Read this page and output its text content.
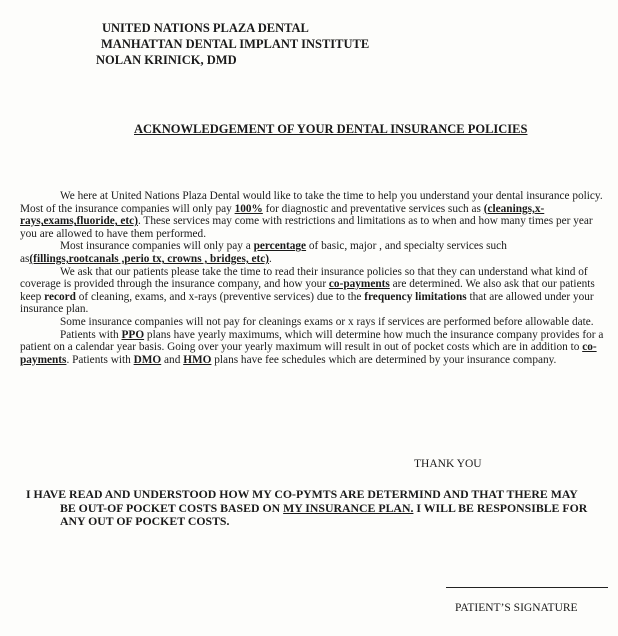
UNITED NATIONS PLAZA DENTAL
MANHATTAN DENTAL IMPLANT INSTITUTE
NOLAN KRINICK, DMD
ACKNOWLEDGEMENT OF YOUR DENTAL INSURANCE POLICIES

We here at United Nations Plaza Dental would like to take the time to help you understand your dental insurance policy. Most of the insurance companies will only pay 100% for diagnostic and preventative services such as (cleanings,x-rays,exams,fluoride, etc). These services may come with restrictions and limitations as to when and how many times per year you are allowed to have them performed.

Most insurance companies will only pay a percentage of basic, major , and specialty services such as(fillings,rootcanals ,perio tx, crowns , bridges, etc).

We ask that our patients please take the time to read their insurance policies so that they can understand what kind of coverage is provided through the insurance company, and how your co-payments are determined. We also ask that our patients keep record of cleaning, exams, and x-rays (preventive services) due to the frequency limitations that are allowed under your insurance plan.

Some insurance companies will not pay for cleanings exams or x rays if services are performed before allowable date.

Patients with PPO plans have yearly maximums, which will determine how much the insurance company provides for a patient on a calendar year basis. Going over your yearly maximum will result in out of pocket costs which are in addition to co-payments. Patients with DMO and HMO plans have fee schedules which are determined by your insurance company.

THANK YOU
I HAVE READ AND UNDERSTOOD HOW MY CO-PYMTS ARE DETERMIND AND THAT THERE MAY
BE OUT-OF POCKET COSTS BASED ON MY INSURANCE PLAN. I WILL BE RESPONSIBLE FOR
ANY OUT OF POCKET COSTS.
PATIENT’S SIGNATURE
